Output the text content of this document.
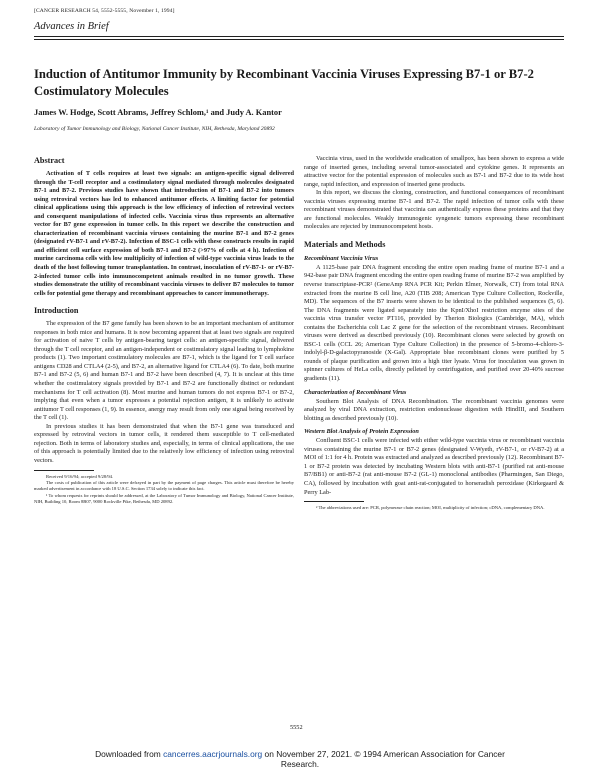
[CANCER RESEARCH 54, 5552-5555, November 1, 1994]
Advances in Brief
Induction of Antitumor Immunity by Recombinant Vaccinia Viruses Expressing B7-1 or B7-2 Costimulatory Molecules
James W. Hodge, Scott Abrams, Jeffrey Schlom,¹ and Judy A. Kantor
Laboratory of Tumor Immunology and Biology, National Cancer Institute, NIH, Bethesda, Maryland 20892
Abstract

Activation of T cells requires at least two signals: an antigen-specific signal delivered through the T-cell receptor and a costimulatory signal mediated through molecules designated B7-1 and B7-2. Previous studies have shown that introduction of B7-1 and B7-2 into tumors using retroviral vectors has led to enhanced antitumor effects. A limiting factor for potential clinical applications using this approach is the low efficiency of infection of retroviral vectors and consequent manipulations of infected cells. Vaccinia virus thus represents an alternative vector for B7 gene expression in tumor cells. In this report we describe the construction and characterization of recombinant vaccinia viruses containing the murine B7-1 and B7-2 genes (designated rV-B7-1 and rV-B7-2). Infection of BSC-1 cells with these constructs results in rapid and efficient cell surface expression of both B7-1 and B7-2 (>97% of cells at 4 h). Infection of murine carcinoma cells with low multiplicity of infection of wild-type vaccinia virus leads to the death of the host following tumor transplantation. In contrast, inoculation of rV-B7-1- or rV-B7-2-infected tumor cells into immunocompetent animals resulted in no tumor growth. These studies demonstrate the utility of recombinant vaccinia viruses to deliver B7 molecules to tumor cells for potential gene therapy and recombinant approaches to cancer immunotherapy.

Introduction

The expression of the B7 gene family has been shown to be an important mechanism of antitumor responses in both mice and humans. It is now becoming apparent that at least two signals are required for activation of naive T cells by antigen-bearing target cells: an antigen-specific signal, delivered through the T cell receptor, and an antigen-independent or costimulatory signal leading to lymphokine products (1). Two important costimulatory molecules are B7-1, which is the ligand for T cell surface antigens CD28 and CTLA4 (2-5), and B7-2, an alternative ligand for CTLA4 (6). To date, both murine B7-1 and B7-2 (5, 6) and human B7-1 and B7-2 have been described (4, 7). It is unclear at this time whether the costimulatory signals provided by B7-1 and B7-2 are functionally distinct or redundant mechanisms for T cell activation (8). Most murine and human tumors do not express B7-1 or B7-2, implying that even when a tumor expresses a potential rejection antigen, it is unlikely to activate antitumor T cell responses (1, 9). In essence, anergy may result from only one signal being received by the T cell (1).

In previous studies it has been demonstrated that when the B7-1 gene was transduced and expressed by retroviral vectors in tumor cells, it rendered them susceptible to T cell-mediated rejection. Both in terms of laboratory studies and, especially, in terms of clinical applications, the use of this approach is potentially limited due to the relatively low efficiency of infection using retroviral vectors.

Received 9/16/94; accepted 9/28/94.

The costs of publication of this article were defrayed in part by the payment of page charges. This article must therefore be hereby marked advertisement in accordance with 18 U.S.C. Section 1734 solely to indicate this fact.

¹ To whom requests for reprints should be addressed, at the Laboratory of Tumor Immunology and Biology, National Cancer Institute, NIH, Building 10, Room 8B07, 9000 Rockville Pike, Bethesda, MD 20892.

Vaccinia virus, used in the worldwide eradication of smallpox, has been shown to express a wide range of inserted genes, including several tumor-associated and cytokine genes. It represents an attractive vector for the potential expression of molecules such as B7-1 and B7-2 due to its wide host range, rapid infection, and expression of inserted gene products.

In this report, we discuss the cloning, construction, and functional consequences of recombinant vaccinia viruses expressing murine B7-1 and B7-2. The rapid infection of tumor cells with these recombinant viruses demonstrated that vaccinia can authentically express these proteins and that they are functional molecules. Weakly immunogenic syngeneic tumors expressing these recombinant molecules are rejected by immunocompetent hosts.

Materials and Methods
Recombinant Vaccinia Virus

A 1125-base pair DNA fragment encoding the entire open reading frame of murine B7-1 and a 942-base pair DNA fragment encoding the entire open reading frame of murine B7-2 was amplified by reverse transcriptase-PCR² (GeneAmp RNA PCR Kit; Perkin Elmer, Norwalk, CT) from total RNA extracted from the murine B cell line, A20 (TIB 208; American Type Culture Collection, Rockville, MD). The sequences of the B7 inserts were shown to be identical to the published sequences (5, 6). The DNA fragments were ligated separately into the KpnI/XhoI restriction enzyme sites of the vaccinia virus transfer vector PT116, provided by Therion Biologics (Cambridge, MA), which contains the Escherichia coli Lac Z gene for the selection of the recombinant viruses. Recombinant viruses were derived as described previously (10). Recombinant clones were selected by growth on BSC-1 cells (CCL 26; American Type Culture Collection) in the presence of 5-bromo-4-chloro-3-indolyl-β-D-galactopyranoside (X-Gal). Appropriate blue recombinant clones were purified by 5 rounds of plaque purification and grown into a high titer lysate. Virus for inoculation was grown in spinner cultures of HeLa cells, directly pelleted by centrifugation, and purified over 20-40% sucrose gradients (11).

Characterization of Recombinant Virus

Southern Blot Analysis of DNA Recombination. The recombinant vaccinia genomes were analyzed by viral DNA extraction, restriction endonuclease digestion with HindIII, and Southern blotting as described previously (10).

Western Blot Analysis of Protein Expression

Confluent BSC-1 cells were infected with either wild-type vaccinia virus or recombinant vaccinia viruses containing the murine B7-1 or B7-2 genes (designated V-Wyeth, rV-B7-1, or rV-B7-2) at a MOI of 1:1 for 4 h. Protein was extracted and analyzed as described previously (12). Recombinant B7-1 or B7-2 protein was detected by incubating Western blots with anti-B7-1 (purified rat anti-mouse B7/BB1) or anti-B7-2 (rat anti-mouse B7-2 (GL-1) monoclonal antibodies (Pharmingen, San Diego, CA), followed by incubation with goat anti-rat-conjugated to horseradish peroxidase (Kirkegaard & Perry Lab-

² The abbreviations used are: PCR, polymerase chain reaction; MOI, multiplicity of infection; cDNA, complementary DNA.

5552
Downloaded from cancerres.aacrjournals.org on November 27, 2021. © 1994 American Association for Cancer
Research.
